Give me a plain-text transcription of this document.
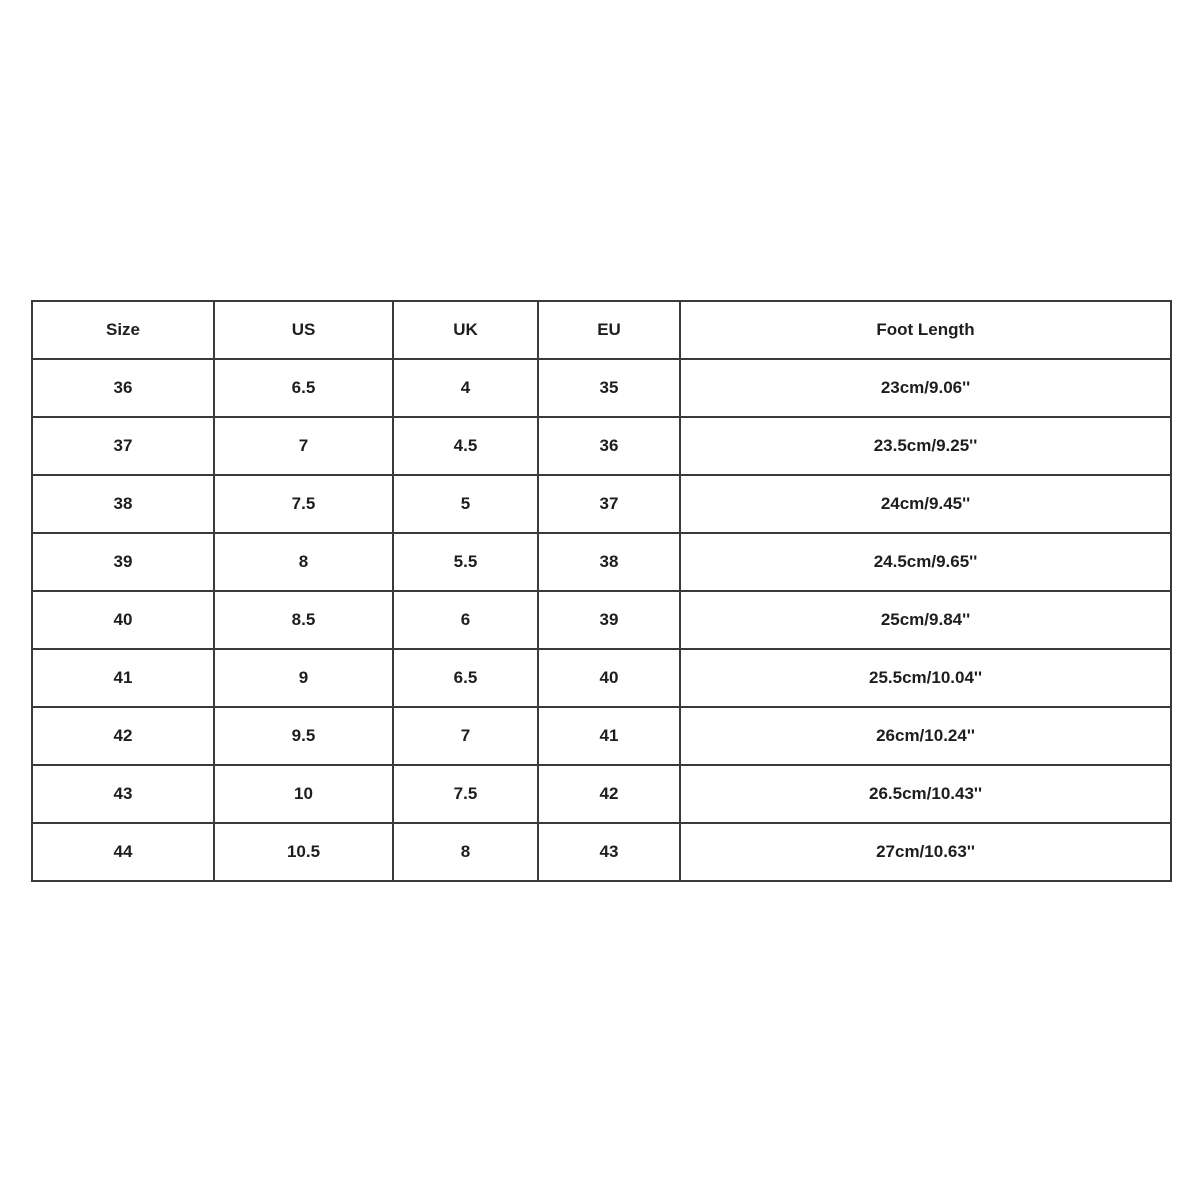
Size	US	UK	EU	Foot Length
36	6.5	4	35	23cm/9.06''
37	7	4.5	36	23.5cm/9.25''
38	7.5	5	37	24cm/9.45''
39	8	5.5	38	24.5cm/9.65''
40	8.5	6	39	25cm/9.84''
41	9	6.5	40	25.5cm/10.04''
42	9.5	7	41	26cm/10.24''
43	10	7.5	42	26.5cm/10.43''
44	10.5	8	43	27cm/10.63''
